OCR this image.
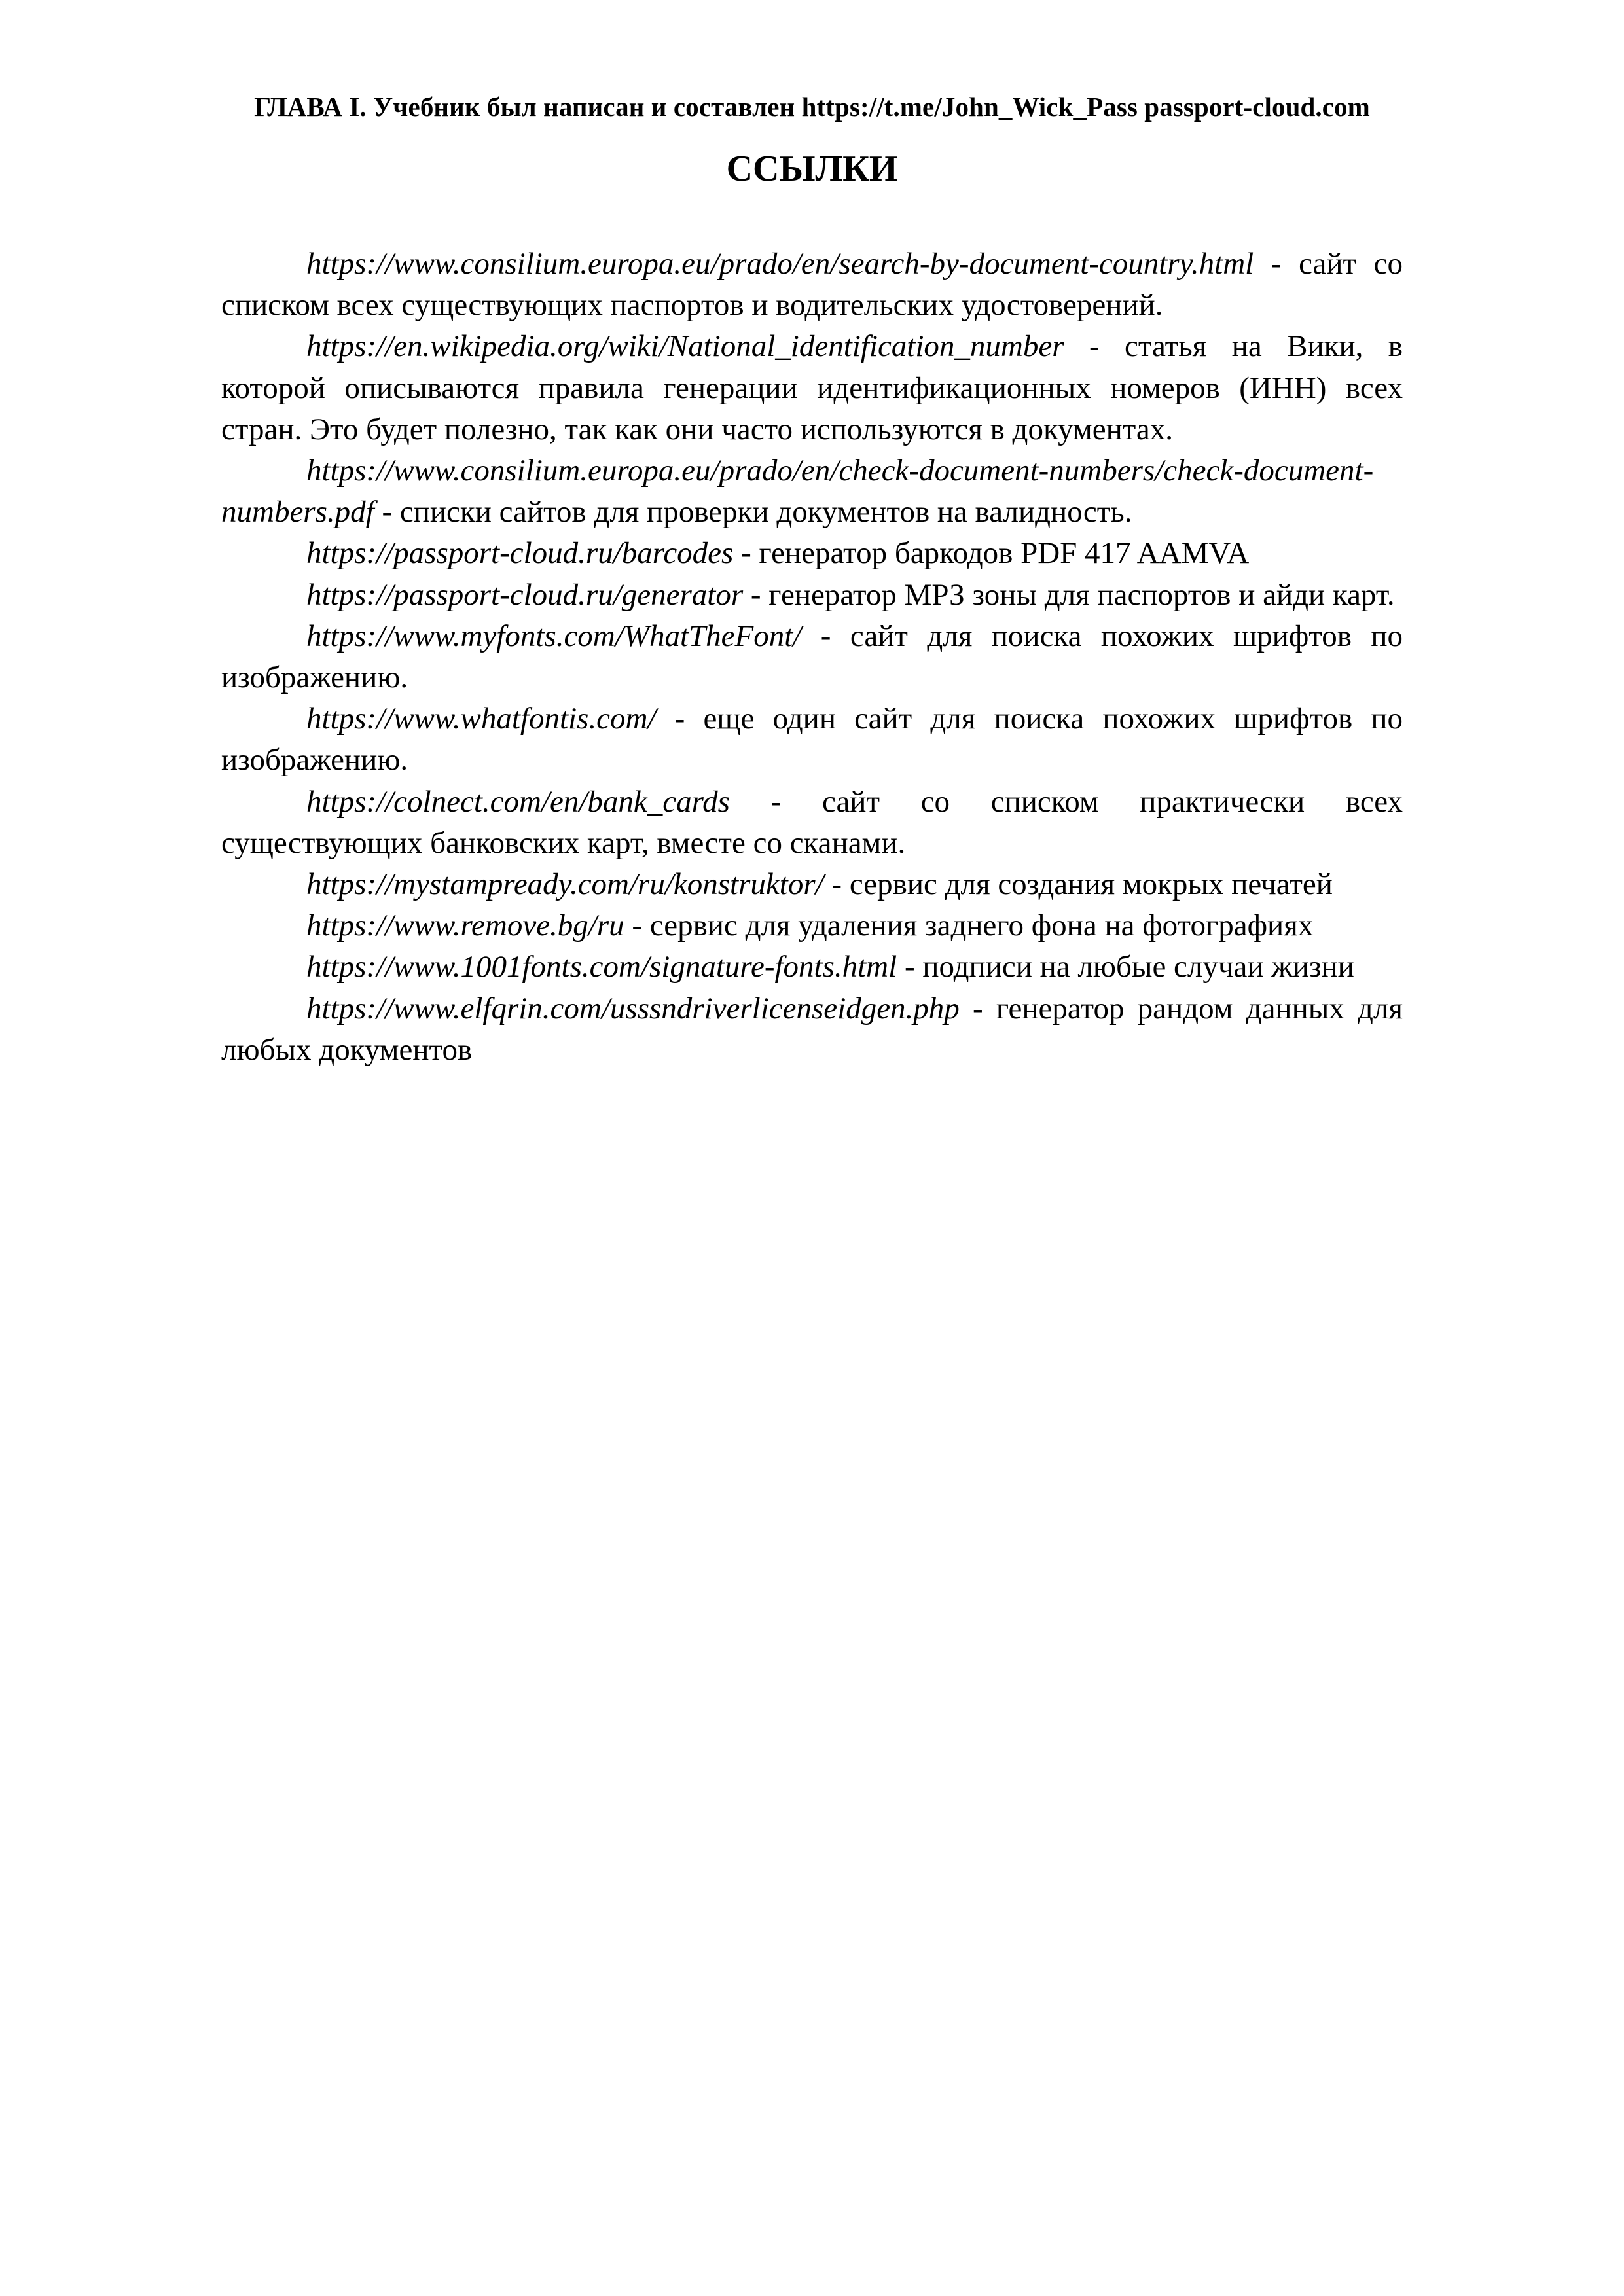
ГЛАВА I. Учебник был написан и составлен https://t.me/John_Wick_Pass passport-cloud.com
ССЫЛКИ

https://www.consilium.europa.eu/prado/en/search-by-document-country.html - сайт со списком всех существующих паспортов и водительских удостоверений.

https://en.wikipedia.org/wiki/National_identification_number - статья на Вики, в которой описываются правила генерации идентификационных номеров (ИНН) всех стран. Это будет полезно, так как они часто используются в документах.

https://www.consilium.europa.eu/prado/en/check-document-numbers/check-document-numbers.pdf - списки сайтов для проверки документов на валидность.

https://passport-cloud.ru/barcodes - генератор баркодов PDF 417 AAMVA

https://passport-cloud.ru/generator - генератор МРЗ зоны для паспортов и айди карт.

https://www.myfonts.com/WhatTheFont/ - сайт для поиска похожих шрифтов по изображению.

https://www.whatfontis.com/ - еще один сайт для поиска похожих шрифтов по изображению.

https://colnect.com/en/bank_cards - сайт со списком практически всех существующих банковских карт, вместе со сканами.

https://mystampready.com/ru/konstruktor/ - сервис для создания мокрых печатей

https://www.remove.bg/ru - сервис для удаления заднего фона на фотографиях

https://www.1001fonts.com/signature-fonts.html - подписи на любые случаи жизни

https://www.elfqrin.com/usssndriverlicenseidgen.php - генератор рандом данных для любых документов
